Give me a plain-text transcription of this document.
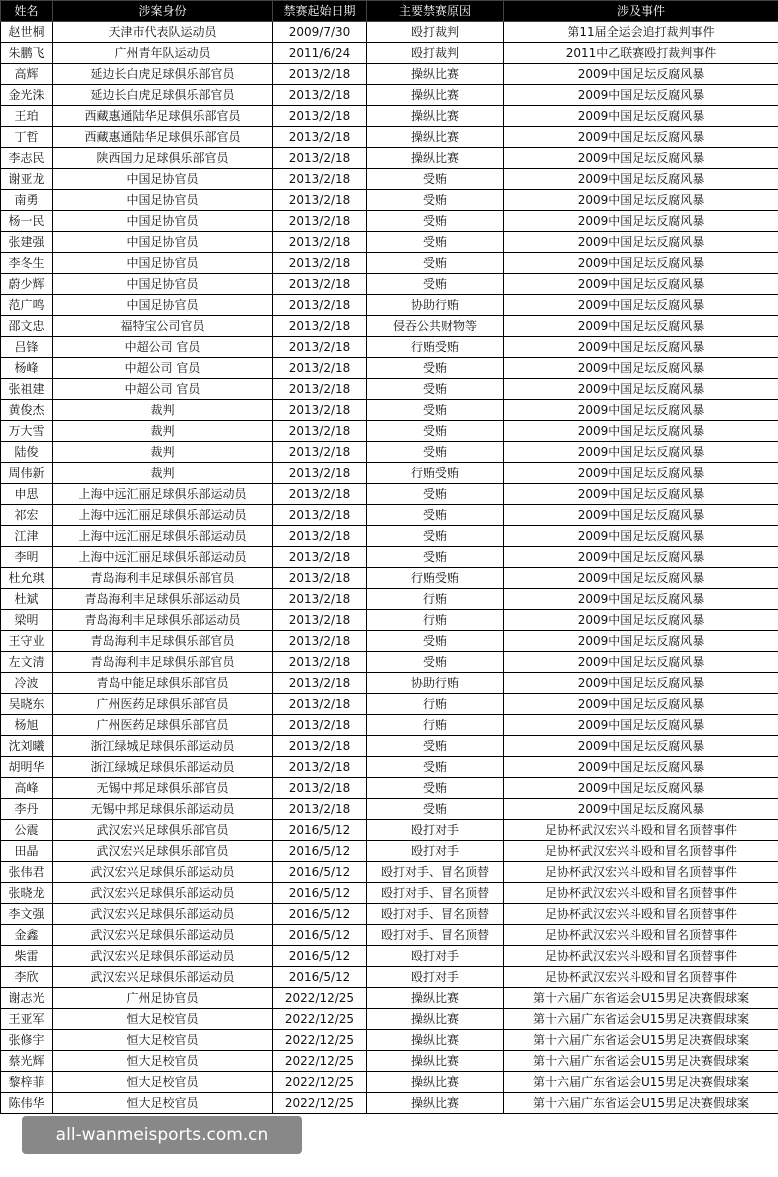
姓名	涉案身份	禁赛起始日期	主要禁赛原因	涉及事件
赵世桐	天津市代表队运动员	2009/7/30	殴打裁判	第11届全运会追打裁判事件
朱鹏飞	广州青年队运动员	2011/6/24	殴打裁判	2011中乙联赛殴打裁判事件
高辉	延边长白虎足球俱乐部官员	2013/2/18	操纵比赛	2009中国足坛反腐风暴
金光洙	延边长白虎足球俱乐部官员	2013/2/18	操纵比赛	2009中国足坛反腐风暴
王珀	西藏惠通陆华足球俱乐部官员	2013/2/18	操纵比赛	2009中国足坛反腐风暴
丁哲	西藏惠通陆华足球俱乐部官员	2013/2/18	操纵比赛	2009中国足坛反腐风暴
李志民	陕西国力足球俱乐部官员	2013/2/18	操纵比赛	2009中国足坛反腐风暴
谢亚龙	中国足协官员	2013/2/18	受贿	2009中国足坛反腐风暴
南勇	中国足协官员	2013/2/18	受贿	2009中国足坛反腐风暴
杨一民	中国足协官员	2013/2/18	受贿	2009中国足坛反腐风暴
张建强	中国足协官员	2013/2/18	受贿	2009中国足坛反腐风暴
李冬生	中国足协官员	2013/2/18	受贿	2009中国足坛反腐风暴
蔚少辉	中国足协官员	2013/2/18	受贿	2009中国足坛反腐风暴
范广鸣	中国足协官员	2013/2/18	协助行贿	2009中国足坛反腐风暴
邵文忠	福特宝公司官员	2013/2/18	侵吞公共财物等	2009中国足坛反腐风暴
吕锋	中超公司 官员	2013/2/18	行贿受贿	2009中国足坛反腐风暴
杨峰	中超公司 官员	2013/2/18	受贿	2009中国足坛反腐风暴
张祖建	中超公司 官员	2013/2/18	受贿	2009中国足坛反腐风暴
黄俊杰	裁判	2013/2/18	受贿	2009中国足坛反腐风暴
万大雪	裁判	2013/2/18	受贿	2009中国足坛反腐风暴
陆俊	裁判	2013/2/18	受贿	2009中国足坛反腐风暴
周伟新	裁判	2013/2/18	行贿受贿	2009中国足坛反腐风暴
申思	上海中远汇丽足球俱乐部运动员	2013/2/18	受贿	2009中国足坛反腐风暴
祁宏	上海中远汇丽足球俱乐部运动员	2013/2/18	受贿	2009中国足坛反腐风暴
江津	上海中远汇丽足球俱乐部运动员	2013/2/18	受贿	2009中国足坛反腐风暴
李明	上海中远汇丽足球俱乐部运动员	2013/2/18	受贿	2009中国足坛反腐风暴
杜允琪	青岛海利丰足球俱乐部官员	2013/2/18	行贿受贿	2009中国足坛反腐风暴
杜斌	青岛海利丰足球俱乐部运动员	2013/2/18	行贿	2009中国足坛反腐风暴
梁明	青岛海利丰足球俱乐部运动员	2013/2/18	行贿	2009中国足坛反腐风暴
王守业	青岛海利丰足球俱乐部官员	2013/2/18	受贿	2009中国足坛反腐风暴
左文清	青岛海利丰足球俱乐部官员	2013/2/18	受贿	2009中国足坛反腐风暴
冷波	青岛中能足球俱乐部官员	2013/2/18	协助行贿	2009中国足坛反腐风暴
吴晓东	广州医药足球俱乐部官员	2013/2/18	行贿	2009中国足坛反腐风暴
杨旭	广州医药足球俱乐部官员	2013/2/18	行贿	2009中国足坛反腐风暴
沈刘曦	浙江绿城足球俱乐部运动员	2013/2/18	受贿	2009中国足坛反腐风暴
胡明华	浙江绿城足球俱乐部运动员	2013/2/18	受贿	2009中国足坛反腐风暴
高峰	无锡中邦足球俱乐部官员	2013/2/18	受贿	2009中国足坛反腐风暴
李丹	无锡中邦足球俱乐部运动员	2013/2/18	受贿	2009中国足坛反腐风暴
公震	武汉宏兴足球俱乐部官员	2016/5/12	殴打对手	足协杯武汉宏兴斗殴和冒名顶替事件
田晶	武汉宏兴足球俱乐部官员	2016/5/12	殴打对手	足协杯武汉宏兴斗殴和冒名顶替事件
张伟君	武汉宏兴足球俱乐部运动员	2016/5/12	殴打对手、冒名顶替	足协杯武汉宏兴斗殴和冒名顶替事件
张晓龙	武汉宏兴足球俱乐部运动员	2016/5/12	殴打对手、冒名顶替	足协杯武汉宏兴斗殴和冒名顶替事件
李文强	武汉宏兴足球俱乐部运动员	2016/5/12	殴打对手、冒名顶替	足协杯武汉宏兴斗殴和冒名顶替事件
金鑫	武汉宏兴足球俱乐部运动员	2016/5/12	殴打对手、冒名顶替	足协杯武汉宏兴斗殴和冒名顶替事件
柴雷	武汉宏兴足球俱乐部运动员	2016/5/12	殴打对手	足协杯武汉宏兴斗殴和冒名顶替事件
李欣	武汉宏兴足球俱乐部运动员	2016/5/12	殴打对手	足协杯武汉宏兴斗殴和冒名顶替事件
谢志光	广州足协官员	2022/12/25	操纵比赛	第十六届广东省运会U15男足决赛假球案
王亚军	恒大足校官员	2022/12/25	操纵比赛	第十六届广东省运会U15男足决赛假球案
张修宇	恒大足校官员	2022/12/25	操纵比赛	第十六届广东省运会U15男足决赛假球案
蔡光辉	恒大足校官员	2022/12/25	操纵比赛	第十六届广东省运会U15男足决赛假球案
黎梓菲	恒大足校官员	2022/12/25	操纵比赛	第十六届广东省运会U15男足决赛假球案
陈伟华	恒大足校官员	2022/12/25	操纵比赛	第十六届广东省运会U15男足决赛假球案
all-wanmeisports.com.cn
